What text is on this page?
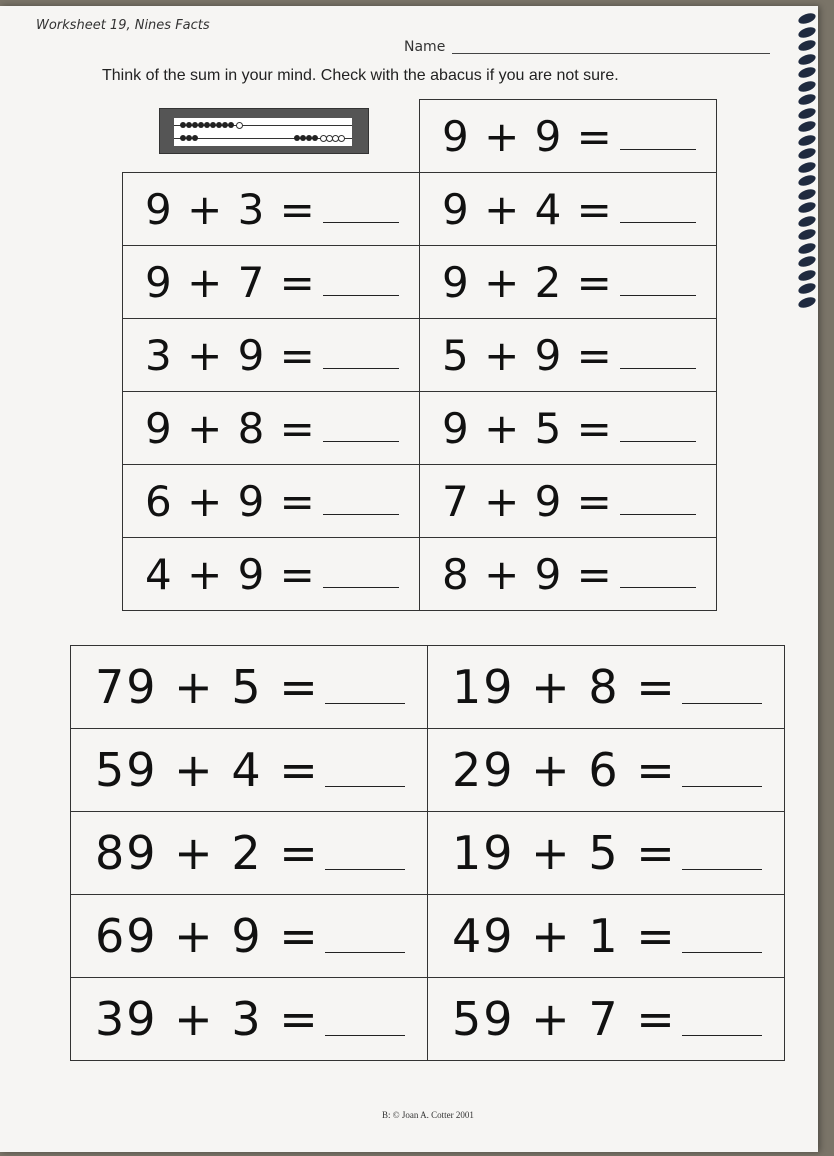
Worksheet 19, Nines Facts
Name
Think of the sum in your mind. Check with the abacus if you are not sure.

	9 + 9 =

9 + 3 =	9 + 4 =

9 + 7 =	9 + 2 =

3 + 9 =	5 + 9 =

9 + 8 =	9 + 5 =

6 + 9 =	7 + 9 =

4 + 9 =	8 + 9 =
79 + 5 =	19 + 8 =

59 + 4 =	29 + 6 =

89 + 2 =	19 + 5 =

69 + 9 =	49 + 1 =

39 + 3 =	59 + 7 =
B: © Joan A. Cotter 2001
